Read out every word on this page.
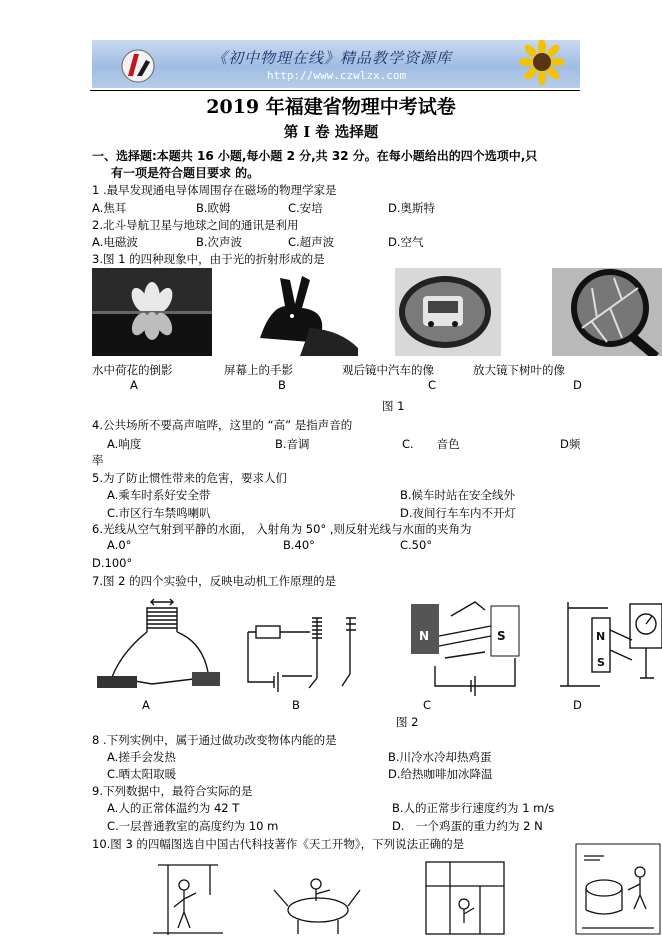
《初中物理在线》精品教学资源库
http://www.czwlzx.com
2019 年福建省物理中考试卷
第 I 卷 选择题
一、选择题:本题共 16 小题,每小题 2 分,共 32 分。在每小题给出的四个选项中,只
有一项是符合题目要求 的。
1 .最早发现通电导体周围存在磁场的物理学家是
A.焦耳	B.欧姆	C.安培	D.奥斯特
2.北斗导航卫星与地球之间的通讯是利用
A.电磁波	B.次声波	C.超声波	D.空气
3.图 1 的四种现象中，由于光的折射形成的是
水中荷花的倒影	屏幕上的手影	观后镜中汽车的像	放大镜下树叶的像
A	B	C	D
图 1
4.公共场所不要高声喧哗，这里的 “高” 是指声音的
A.响度	B.音调	C.　　音色	D频
率
5.为了防止惯性带来的危害，要求人们
A.乘车时系好安全带	B.候车时站在安全线外
C.市区行车禁鸣喇叭	D.夜间行车车内不开灯
6.光线从空气射到平静的水面， 入射角为 50° ,则反射光线与水面的夹角为
A.0°	B.40°	C.50°
D.100°
7.图 2 的四个实验中，反映电动机工作原理的是
N	S	N
S
A	B	C	D
图 2
8 .下列实例中，属于通过做功改变物体内能的是
A.搓手会发热	B.川冷水冷却热鸡蛋
C.晒太阳取暖	D.给热咖啡加冰降温
9.下列数据中，最符合实际的是
A.人的正常体温约为 42 T	B.人的正常步行速度约为 1 m/s
C.一层普通教室的高度约为 10 m	D.　一个鸡蛋的重力约为 2 N
10.图 3 的四幅图选自中国古代科技著作《天工开物》，下列说法正确的是
